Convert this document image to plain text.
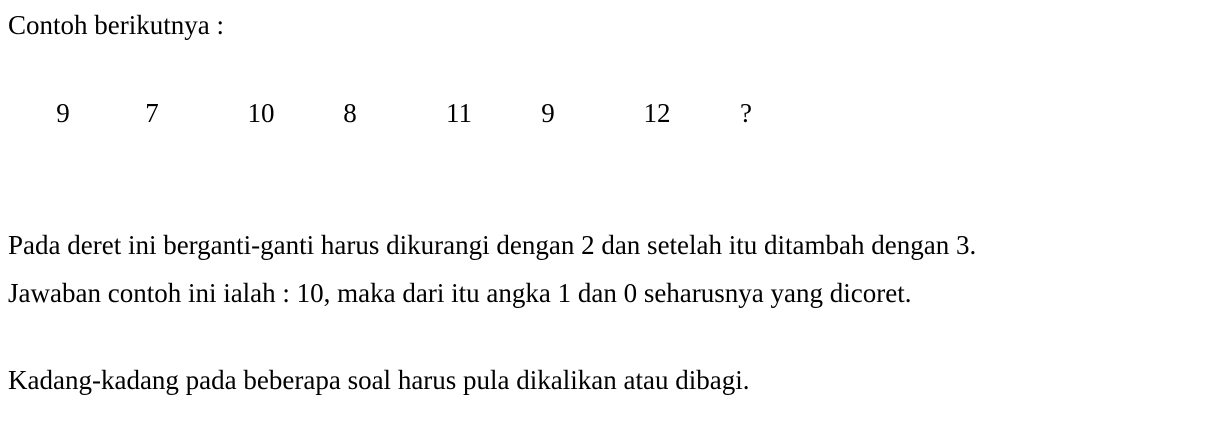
Contoh berikutnya :
9	7	10	8	11	9	12	?
Pada deret ini berganti-ganti harus dikurangi dengan 2 dan setelah itu ditambah dengan 3.
Jawaban contoh ini ialah : 10, maka dari itu angka 1 dan 0 seharusnya yang dicoret.
Kadang-kadang pada beberapa soal harus pula dikalikan atau dibagi.
